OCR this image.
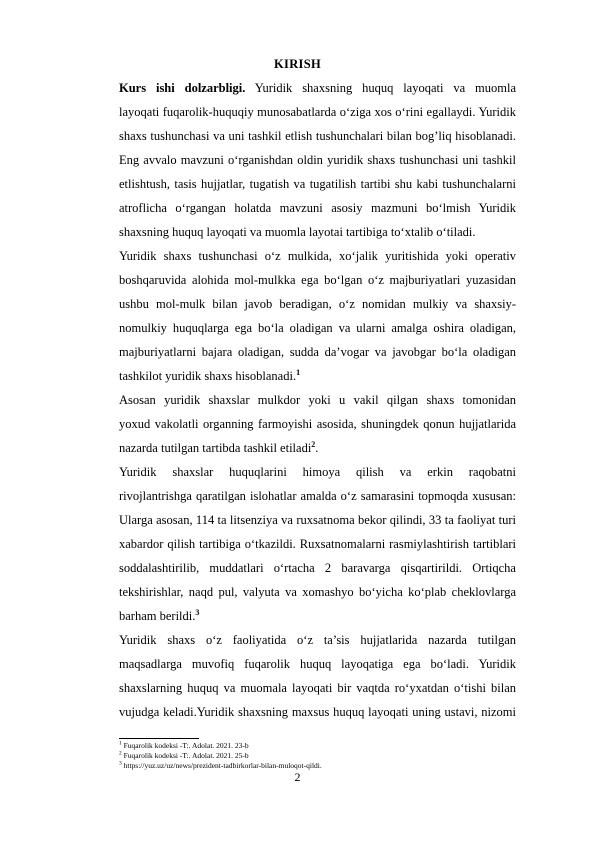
KIRISH
Kurs ishi dolzarbligi. Yuridik shaxsning huquq layoqati va muomla
layoqati fuqarolik-huquqiy munosabatlarda o‘ziga xos o‘rini egallaydi. Yuridik
shaxs tushunchasi va uni tashkil etlish tushunchalari bilan bog’liq hisoblanadi.
Eng avvalo mavzuni o‘rganishdan oldin yuridik shaxs tushunchasi uni tashkil
etlishtush, tasis hujjatlar, tugatish va tugatilish tartibi shu kabi tushunchalarni
atroflicha o‘rgangan holatda mavzuni asosiy mazmuni bo‘lmish Yuridik
shaxsning huquq layoqati va muomla layotai tartibiga to‘xtalib o‘tiladi.
Yuridik shaxs tushunchasi o‘z mulkida, xo‘jalik yuritishida yoki operativ
boshqaruvida alohida mol-mulkka ega bo‘lgan o‘z majburiyatlari yuzasidan
ushbu mol-mulk bilan javob beradigan, o‘z nomidan mulkiy va shaxsiy-
nomulkiy huquqlarga ega bo‘la oladigan va ularni amalga oshira oladigan,
majburiyatlarni bajara oladigan, sudda da’vogar va javobgar bo‘la oladigan
tashkilot yuridik shaxs hisoblanadi.$^1$
Asosan yuridik shaxslar mulkdor yoki u vakil qilgan shaxs tomonidan
yoxud vakolatli organning farmoyishi asosida, shuningdek qonun hujjatlarida
nazarda tutilgan tartibda tashkil etiladi$^2$.
Yuridik shaxslar huquqlarini himoya qilish va erkin raqobatni
rivojlantrishga qaratilgan islohatlar amalda o‘z samarasini topmoqda xususan:
Ularga asosan, 114 ta litsenziya va ruxsatnoma bekor qilindi, 33 ta faoliyat turi
xabardor qilish tartibiga o‘tkazildi. Ruxsatnomalarni rasmiylashtirish tartiblari
soddalashtirilib, muddatlari o‘rtacha 2 baravarga qisqartirildi. Ortiqcha
tekshirishlar, naqd pul, valyuta va xomashyo bo‘yicha ko‘plab cheklovlarga
barham berildi.$^3$
Yuridik shaxs o‘z faoliyatida o‘z ta’sis hujjatlarida nazarda tutilgan
maqsadlarga muvofiq fuqarolik huquq layoqatiga ega bo‘ladi. Yuridik
shaxslarning huquq va muomala layoqati bir vaqtda ro‘yxatdan o‘tishi bilan
vujudga keladi.Yuridik shaxsning maxsus huquq layoqati uning ustavi, nizomi
$^1$ Fuqarolik kodeksi -T:. Adolat. 2021. 23-b
$^2$ Fuqarolik kodeksi -T:. Adolat. 2021. 25-b
$^3$ https://yuz.uz/uz/news/prezident-tadbirkorlar-bilan-muloqot-qildi.
2
